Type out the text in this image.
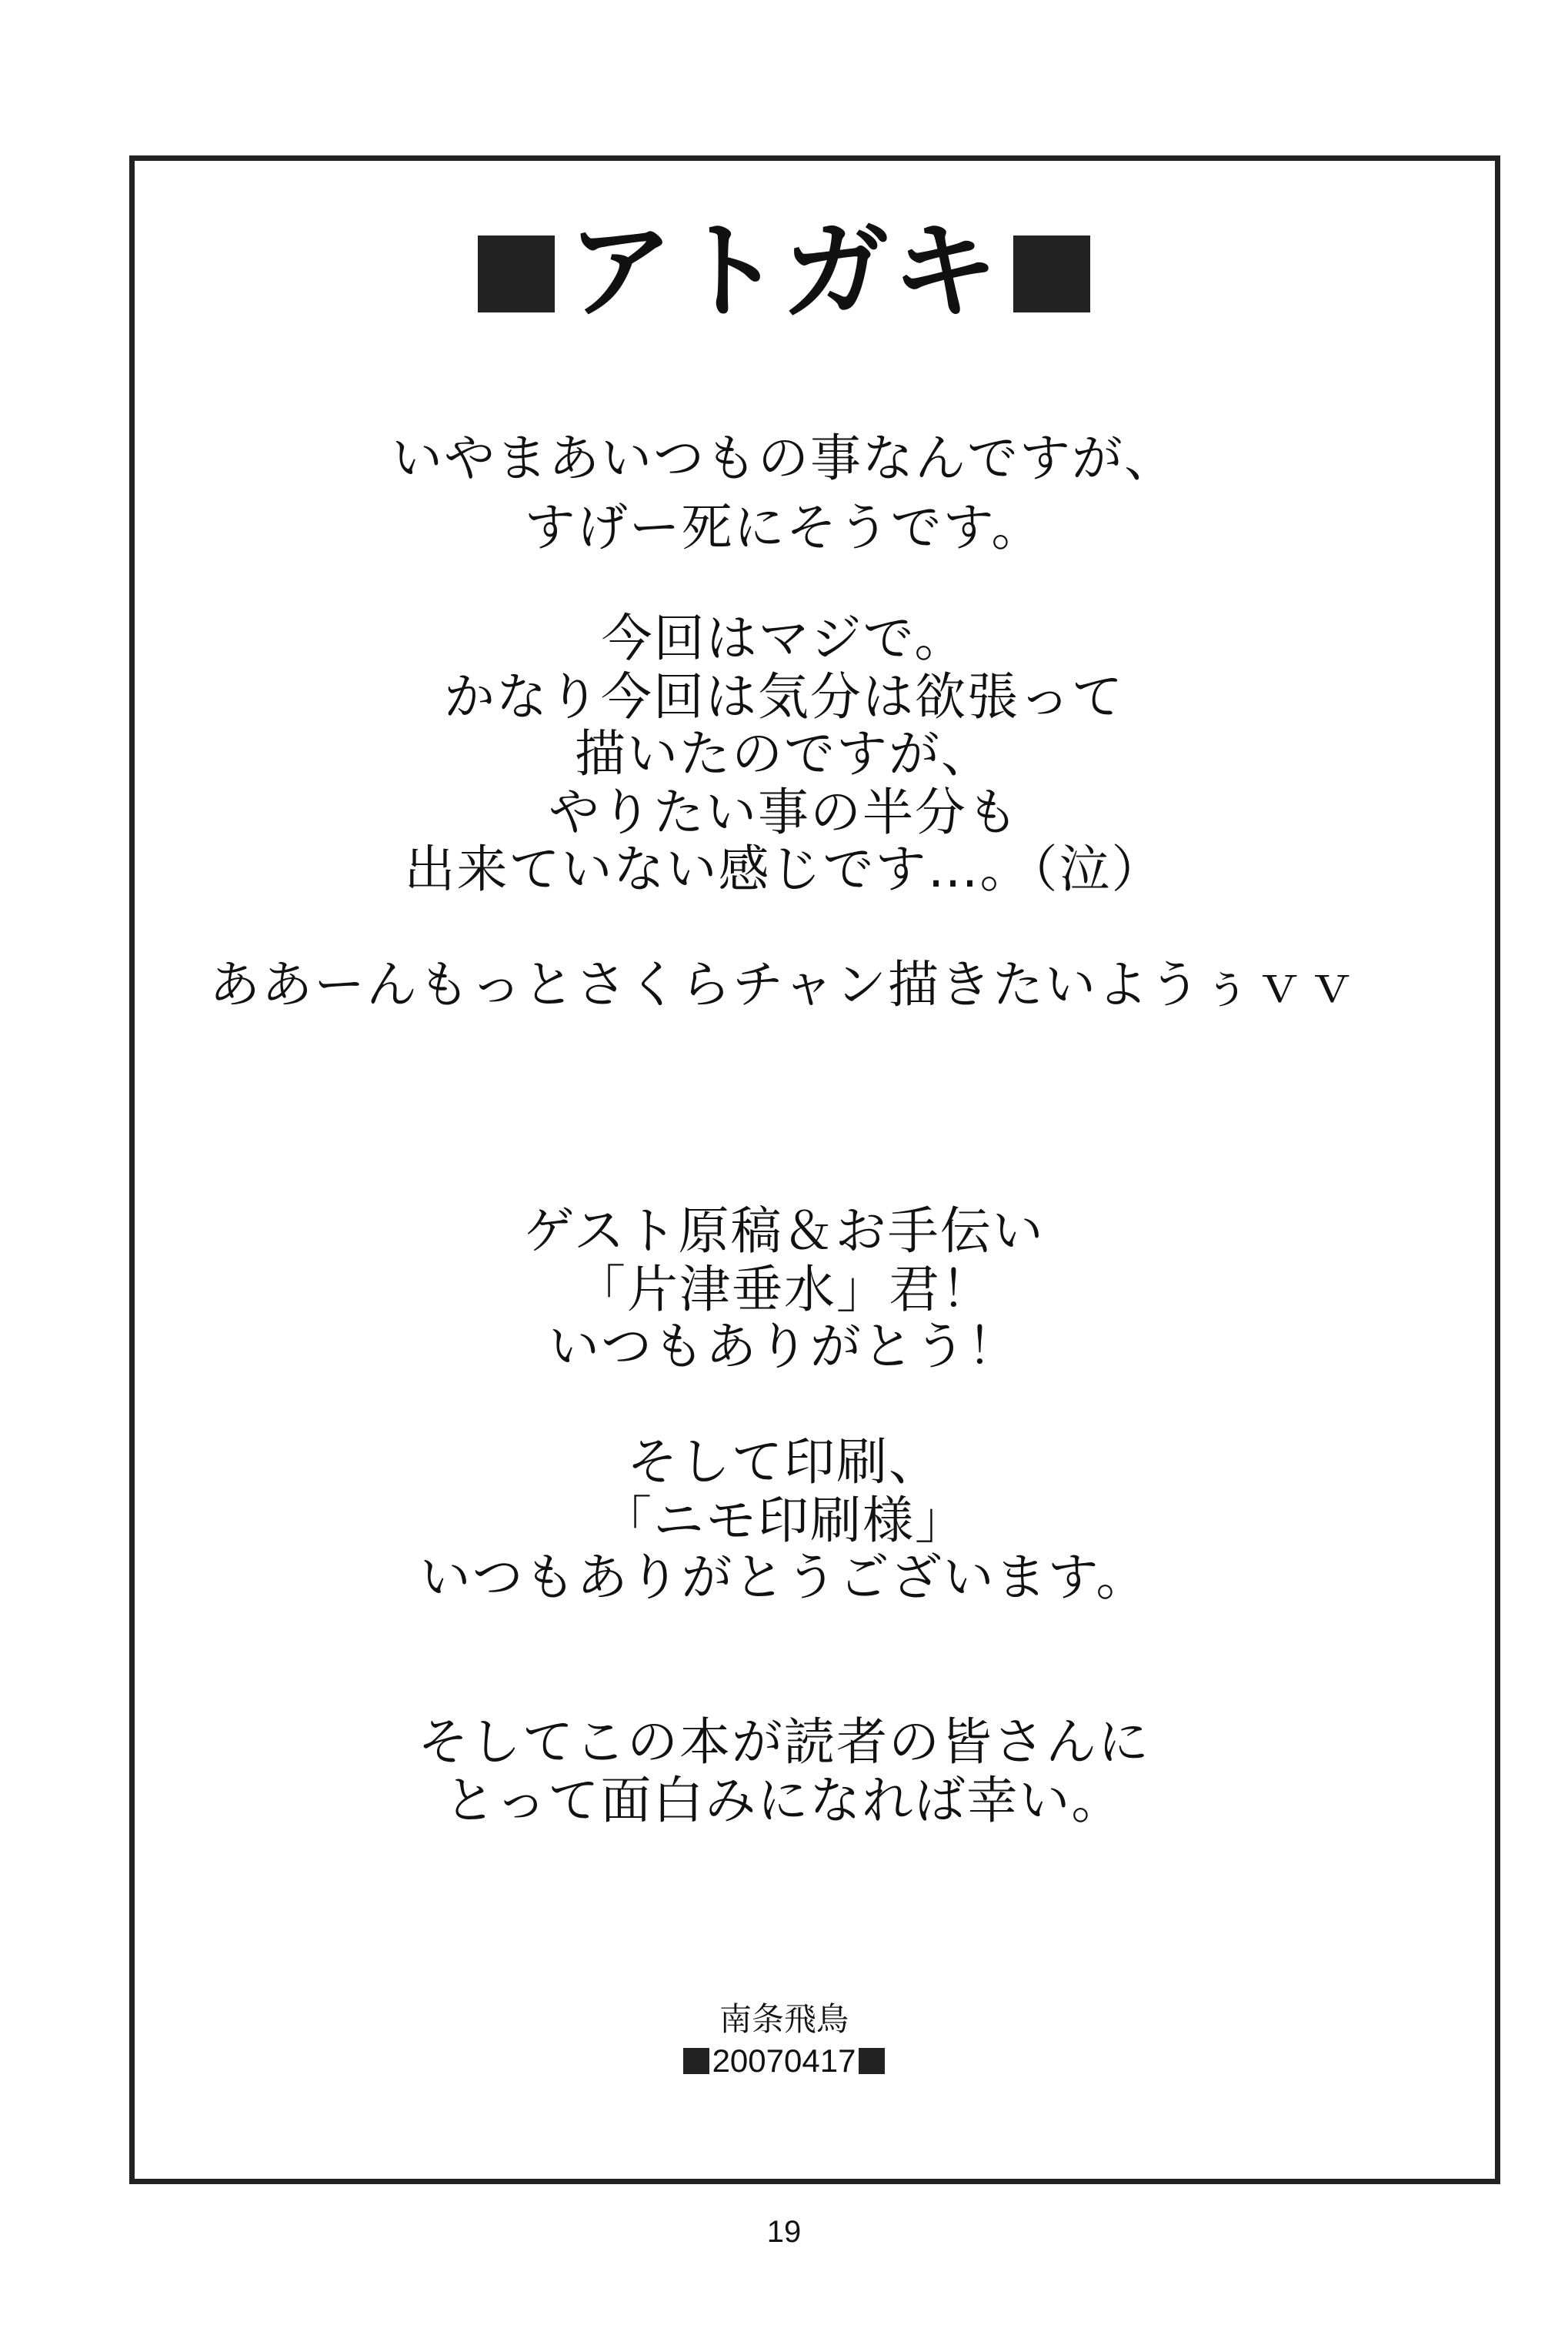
アトガキ
いやまあいつもの事なんですが、
すげー死にそうです。
今回はマジで。
かなり今回は気分は欲張って
描いたのですが、
やりたい事の半分も
出来ていない感じです…。（泣）
ああーんもっとさくらチャン描きたいようぅｖｖ
ゲスト原稿＆お手伝い
「片津垂水」君！
いつもありがとう！
そして印刷、
「ニモ印刷様」
いつもありがとうございます。
そしてこの本が読者の皆さんに
とって面白みになれば幸い。
南条飛鳥
20070417
19
